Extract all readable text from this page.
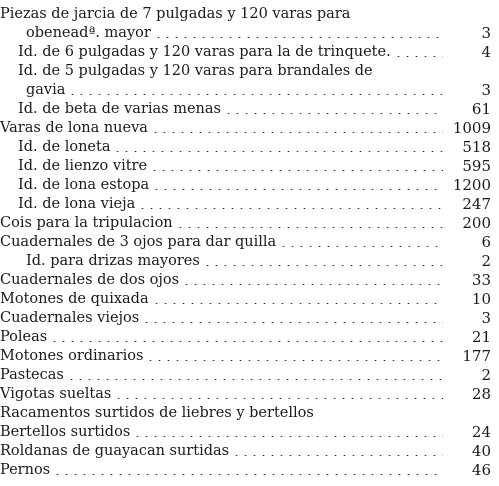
Piezas de jarcia de 7 pulgadas y 120 varas para
obeneadª. mayor	3
Id. de 6 pulgadas y 120 varas para la de trinquete.	4
Id. de 5 pulgadas y 120 varas para brandales de
gavia	3
Id. de beta de varias menas	61
Varas de lona nueva	1009
Id. de loneta	518
Id. de lienzo vitre	595
Id. de lona estopa	1200
Id. de lona vieja	247
Cois para la tripulacion	200
Cuadernales de 3 ojos para dar quilla	6
Id. para drizas mayores	2
Cuadernales de dos ojos	33
Motones de quixada	10
Cuadernales viejos	3
Poleas	21
Motones ordinarios	177
Pastecas	2
Vigotas sueltas	28
Racamentos surtidos de liebres y bertellos
Bertellos surtidos	24
Roldanas de guayacan surtidas	40
Pernos	46
